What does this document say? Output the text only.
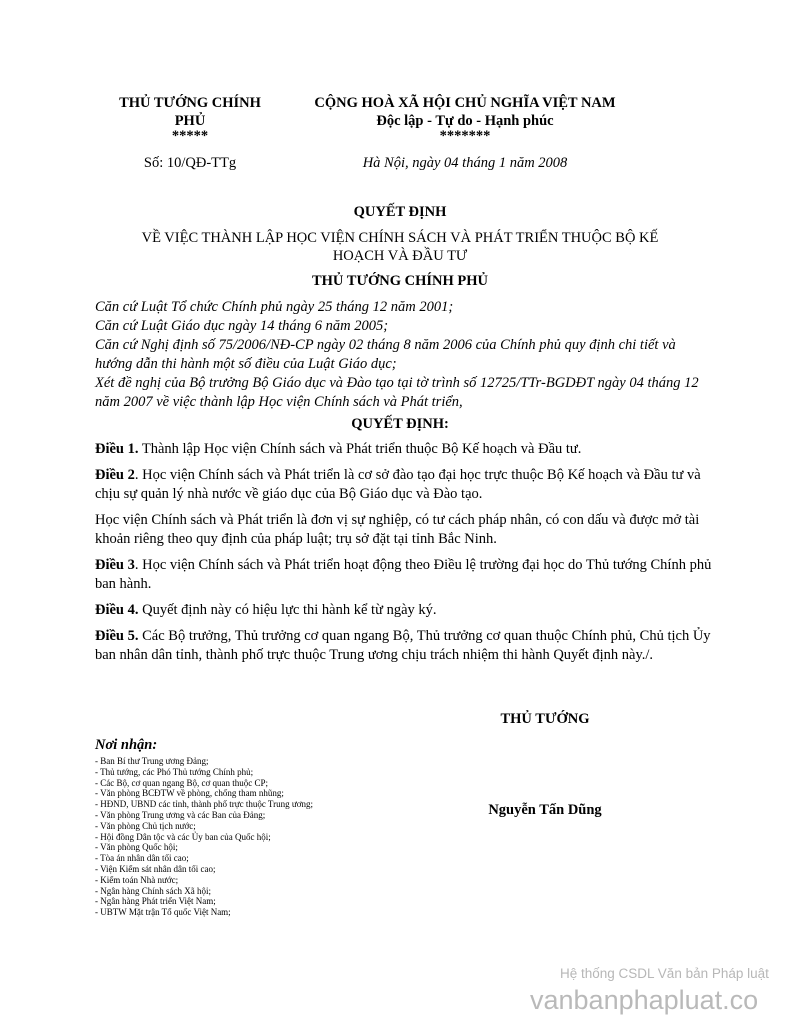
THỦ TƯỚNG CHÍNH
PHỦ
*****
CỘNG HOÀ XÃ HỘI CHỦ NGHĨA VIỆT NAM
Độc lập - Tự do - Hạnh phúc
*******
Số: 10/QĐ-TTg	Hà Nội, ngày 04 tháng 1 năm 2008
QUYẾT ĐỊNH
VỀ VIỆC THÀNH LẬP HỌC VIỆN CHÍNH SÁCH VÀ PHÁT TRIỂN THUỘC BỘ KẾ
HOẠCH VÀ ĐẦU TƯ
THỦ TƯỚNG CHÍNH PHỦ
Căn cứ Luật Tổ chức Chính phủ ngày 25 tháng 12 năm 2001;
Căn cứ Luật Giáo dục ngày 14 tháng 6 năm 2005;
Căn cứ Nghị định số 75/2006/NĐ-CP ngày 02 tháng 8 năm 2006 của Chính phủ quy định chi tiết và hướng dẫn thi hành một số điều của Luật Giáo dục;
Xét đề nghị của Bộ trưởng Bộ Giáo dục và Đào tạo tại tờ trình số 12725/TTr-BGDĐT ngày 04 tháng 12 năm 2007 về việc thành lập Học viện Chính sách và Phát triển,
QUYẾT ĐỊNH:

Điều 1. Thành lập Học viện Chính sách và Phát triển thuộc Bộ Kế hoạch và Đầu tư.

Điều 2. Học viện Chính sách và Phát triển là cơ sở đào tạo đại học trực thuộc Bộ Kế hoạch và Đầu tư và chịu sự quản lý nhà nước về giáo dục của Bộ Giáo dục và Đào tạo.

Học viện Chính sách và Phát triển là đơn vị sự nghiệp, có tư cách pháp nhân, có con dấu và được mở tài khoản riêng theo quy định của pháp luật; trụ sở đặt tại tỉnh Bắc Ninh.

Điều 3. Học viện Chính sách và Phát triển hoạt động theo Điều lệ trường đại học do Thủ tướng Chính phủ ban hành.

Điều 4. Quyết định này có hiệu lực thi hành kể từ ngày ký.

Điều 5. Các Bộ trưởng, Thủ trưởng cơ quan ngang Bộ, Thủ trưởng cơ quan thuộc Chính phủ, Chủ tịch Ủy ban nhân dân tỉnh, thành phố trực thuộc Trung ương chịu trách nhiệm thi hành Quyết định này./.

THỦ TƯỚNG
Nguyễn Tấn Dũng
Nơi nhận:
- Ban Bí thư Trung ương Đảng;
- Thủ tướng, các Phó Thủ tướng Chính phủ;
- Các Bộ, cơ quan ngang Bộ, cơ quan thuộc CP;
- Văn phòng BCĐTW về phòng, chống tham nhũng;
- HĐND, UBND các tỉnh, thành phố trực thuộc Trung ương;
- Văn phòng Trung ương và các Ban của Đảng;
- Văn phòng Chủ tịch nước;
- Hội đồng Dân tộc và các Ủy ban của Quốc hội;
- Văn phòng Quốc hội;
- Tòa án nhân dân tối cao;
- Viện Kiểm sát nhân dân tối cao;
- Kiểm toán Nhà nước;
- Ngân hàng Chính sách Xã hội;
- Ngân hàng Phát triển Việt Nam;
- UBTW Mặt trận Tổ quốc Việt Nam;
Hệ thống CSDL Văn bản Pháp luật
vanbanphapluat.co
